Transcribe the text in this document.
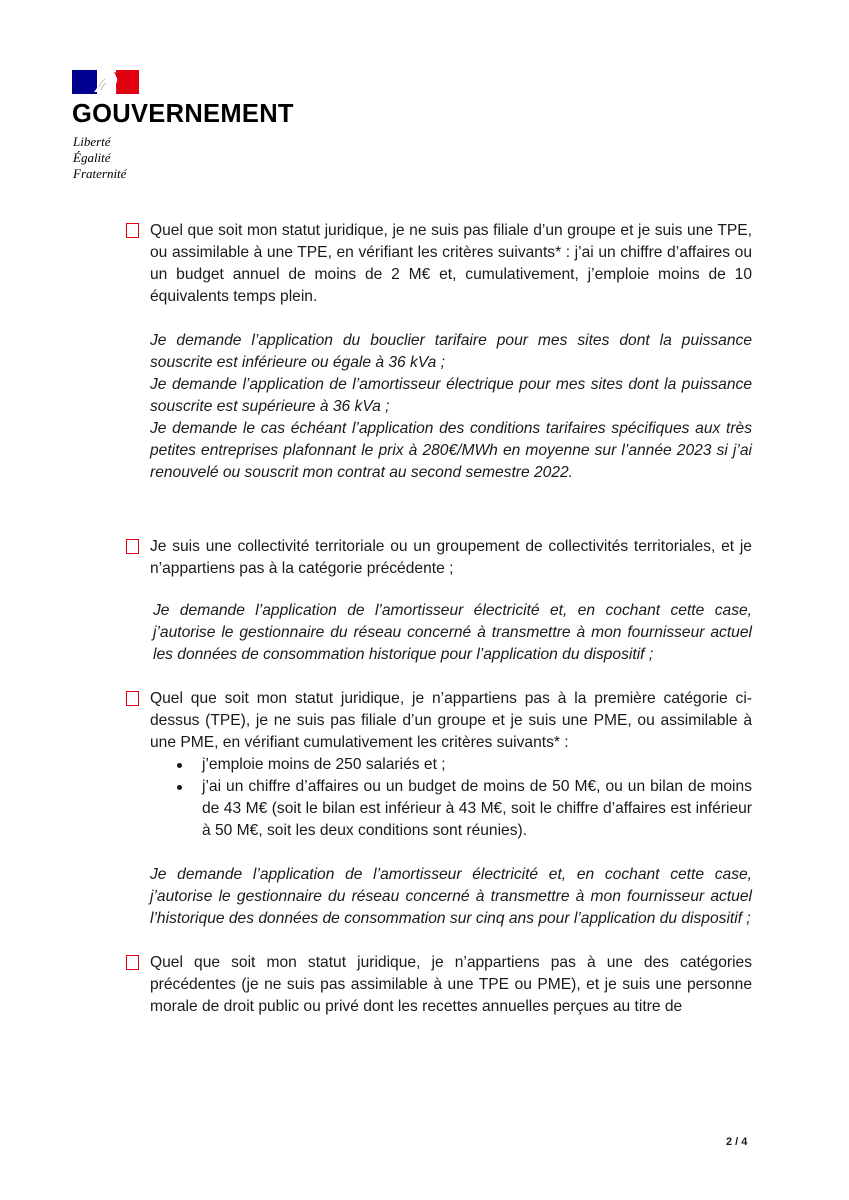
GOUVERNEMENT
Liberté
Égalité
Fraternité

Quel que soit mon statut juridique, je ne suis pas filiale d’un groupe et je suis une TPE, ou assimilable à une TPE, en vérifiant les critères suivants* : j’ai un chiffre d’affaires ou un budget annuel de moins de 2 M€ et, cumulativement, j’emploie moins de 10 équivalents temps plein.

Je demande l’application du bouclier tarifaire pour mes sites dont la puissance souscrite est inférieure ou égale à 36 kVa ;

Je demande l’application de l’amortisseur électrique pour mes sites dont la puissance souscrite est supérieure à 36 kVa ;

Je demande le cas échéant l’application des conditions tarifaires spécifiques aux très petites entreprises plafonnant le prix à 280€/MWh en moyenne sur l’année 2023 si j’ai renouvelé ou souscrit mon contrat au second semestre 2022.

Je suis une collectivité territoriale ou un groupement de collectivités territoriales, et je n’appartiens pas à la catégorie précédente ;

Je demande l’application de l’amortisseur électricité et, en cochant cette case, j’autorise le gestionnaire du réseau concerné à transmettre à mon fournisseur actuel les données de consommation historique pour l’application du dispositif ;

Quel que soit mon statut juridique, je n’appartiens pas à la première catégorie ci-dessus (TPE), je ne suis pas filiale d’un groupe et je suis une PME, ou assimilable à une PME, en vérifiant cumulativement les critères suivants* :

j’emploie moins de 250 salariés et ;
j’ai un chiffre d’affaires ou un budget de moins de 50 M€, ou un bilan de moins de 43 M€ (soit le bilan est inférieur à 43 M€, soit le chiffre d’affaires est inférieur à 50 M€, soit les deux conditions sont réunies).

Je demande l’application de l’amortisseur électricité et, en cochant cette case, j’autorise le gestionnaire du réseau concerné à transmettre à mon fournisseur actuel l’historique des données de consommation sur cinq ans pour l’application du dispositif ;

Quel que soit mon statut juridique, je n’appartiens pas à une des catégories précédentes (je ne suis pas assimilable à une TPE ou PME), et je suis une personne morale de droit public ou privé dont les recettes annuelles perçues au titre de

2 / 4
